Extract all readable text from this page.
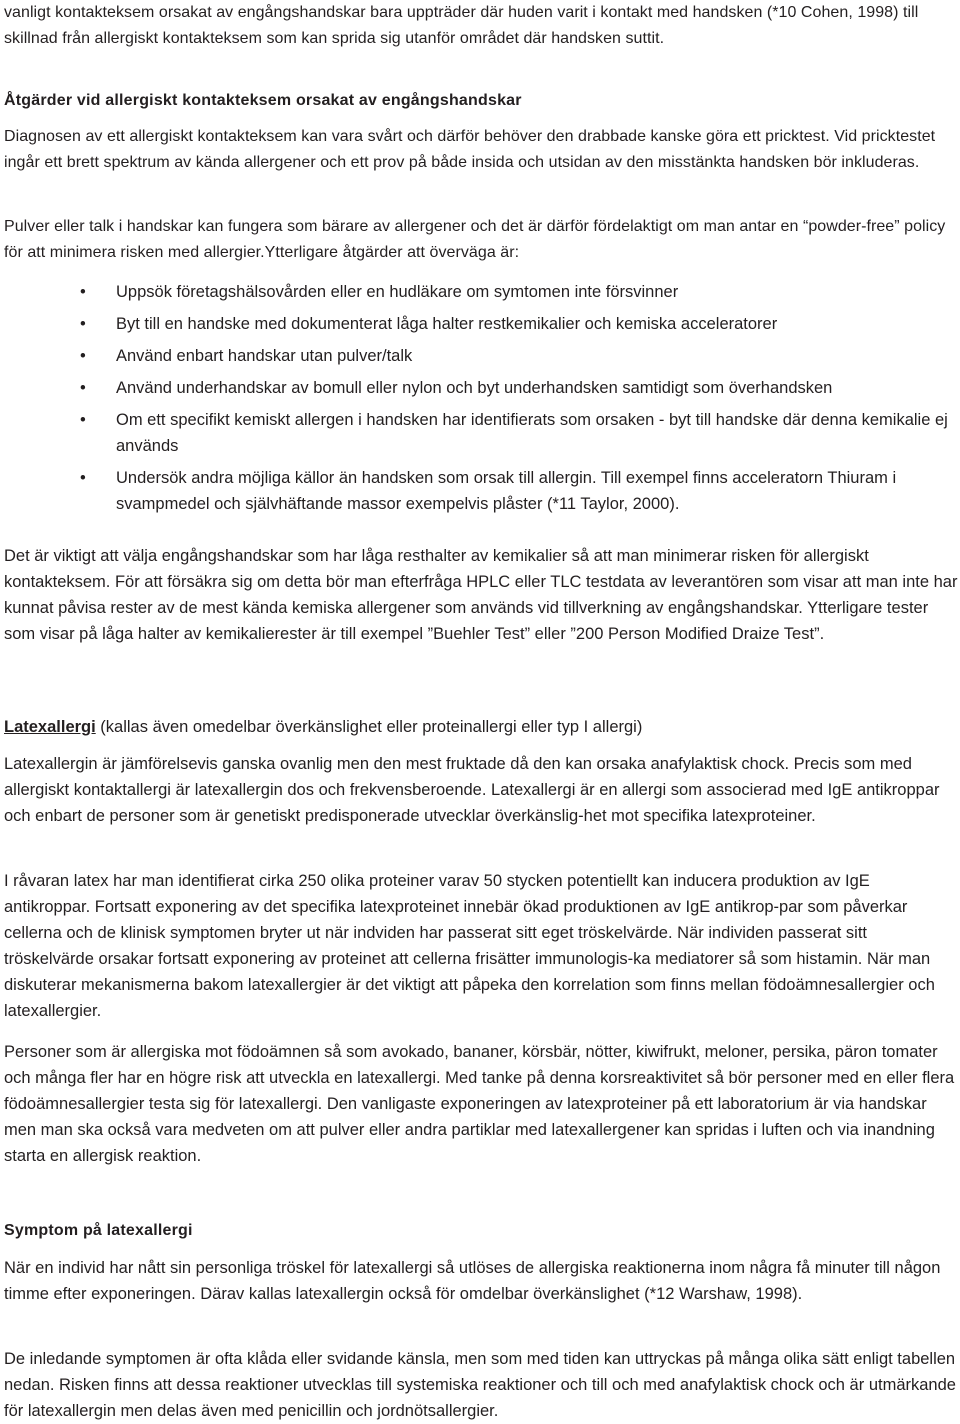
vanligt kontakteksem orsakat av engångshandskar bara uppträder där huden varit i kontakt med handsken (*10 Cohen, 1998) till skillnad från allergiskt kontakteksem som kan sprida sig utanför området där handsken suttit.

Åtgärder vid allergiskt kontakteksem orsakat av engångshandskar

Diagnosen av ett allergiskt kontakteksem kan vara svårt och därför behöver den drabbade kanske göra ett pricktest. Vid pricktestet ingår ett brett spektrum av kända allergener och ett prov på både insida och utsidan av den misstänkta handsken bör inkluderas.

Pulver eller talk i handskar kan fungera som bärare av allergener och det är därför fördelaktigt om man antar en “powder-free” policy för att minimera risken med allergier.Ytterligare åtgärder att överväga är:

• Uppsök företagshälsovården eller en hudläkare om symtomen inte försvinner
• Byt till en handske med dokumenterat låga halter restkemikalier och kemiska acceleratorer
• Använd enbart handskar utan pulver/talk
• Använd underhandskar av bomull eller nylon och byt underhandsken samtidigt som överhandsken
• Om ett specifikt kemiskt allergen i handsken har identifierats som orsaken - byt till handske där denna kemikalie ej används
• Undersök andra möjliga källor än handsken som orsak till allergin. Till exempel finns acceleratorn Thiuram i svampmedel och självhäftande massor exempelvis plåster (*11 Taylor, 2000).

Det är viktigt att välja engångshandskar som har låga resthalter av kemikalier så att man minimerar risken för allergiskt kontakteksem. För att försäkra sig om detta bör man efterfråga HPLC eller TLC testdata av leverantören som visar att man inte har kunnat påvisa rester av de mest kända kemiska allergener som används vid tillverkning av engångshandskar. Ytterligare tester som visar på låga halter av kemikalierester är till exempel ”Buehler Test” eller ”200 Person Modified Draize Test”.

Latexallergi (kallas även omedelbar överkänslighet eller proteinallergi eller typ I allergi)

Latexallergin är jämförelsevis ganska ovanlig men den mest fruktade då den kan orsaka anafylaktisk chock. Precis som med allergiskt kontaktallergi är latexallergin dos och frekvensberoende. Latexallergi är en allergi som associerad med IgE antikroppar och enbart de personer som är genetiskt predisponerade utvecklar överkänslig-het mot specifika latexproteiner.

I råvaran latex har man identifierat cirka 250 olika proteiner varav 50 stycken potentiellt kan inducera produktion av IgE antikroppar. Fortsatt exponering av det specifika latexproteinet innebär ökad produktionen av IgE antikrop-par som påverkar cellerna och de klinisk symptomen bryter ut när indviden har passerat sitt eget tröskelvärde. När individen passerat sitt tröskelvärde orsakar fortsatt exponering av proteinet att cellerna frisätter immunologis-ka mediatorer så som histamin. När man diskuterar mekanismerna bakom latexallergier är det viktigt att påpeka den korrelation som finns mellan födoämnesallergier och latexallergier.

Personer som är allergiska mot födoämnen så som avokado, bananer, körsbär, nötter, kiwifrukt, meloner, persika, päron tomater och många fler har en högre risk att utveckla en latexallergi. Med tanke på denna korsreaktivitet så bör personer med en eller flera födoämnesallergier testa sig för latexallergi. Den vanligaste exponeringen av latexproteiner på ett laboratorium är via handskar men man ska också vara medveten om att pulver eller andra partiklar med latexallergener kan spridas i luften och via inandning starta en allergisk reaktion.

Symptom på latexallergi

När en individ har nått sin personliga tröskel för latexallergi så utlöses de allergiska reaktionerna inom några få minuter till någon timme efter exponeringen. Därav kallas latexallergin också för omdelbar överkänslighet (*12 Warshaw, 1998).

De inledande symptomen är ofta klåda eller svidande känsla, men som med tiden kan uttryckas på många olika sätt enligt tabellen nedan. Risken finns att dessa reaktioner utvecklas till systemiska reaktioner och till och med anafylaktisk chock och är utmärkande för latexallergin men delas även med penicillin och jordnötsallergier.
